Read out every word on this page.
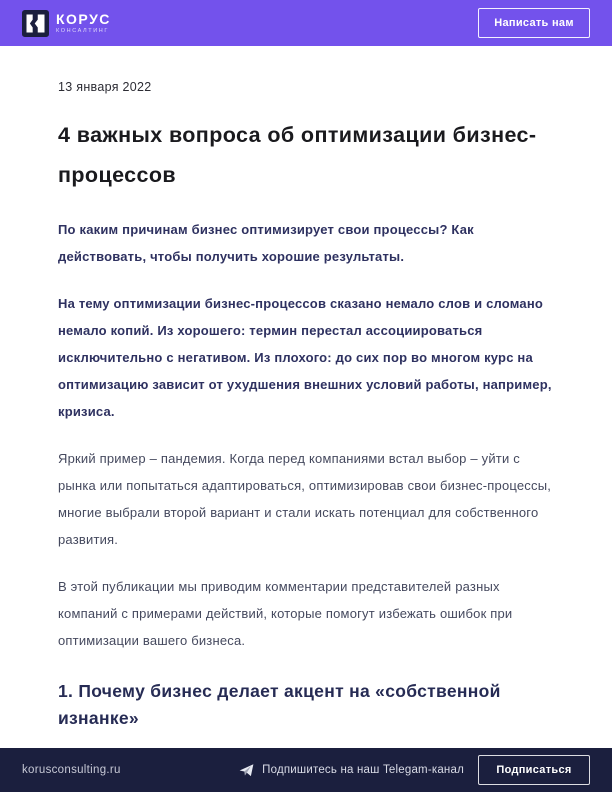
КОРУС
КОНСАЛТИНГ
Написать нам
13 января 2022
4 важных вопроса об оптимизации бизнес-процессов

По каким причинам бизнес оптимизирует свои процессы? Как действовать, чтобы получить хорошие результаты.

На тему оптимизации бизнес-процессов сказано немало слов и сломано немало копий. Из хорошего: термин перестал ассоциироваться исключительно с негативом. Из плохого: до сих пор во многом курс на оптимизацию зависит от ухудшения внешних условий работы, например, кризиса.

Яркий пример – пандемия. Когда перед компаниями встал выбор – уйти с рынка или попытаться адаптироваться, оптимизировав свои бизнес-процессы, многие выбрали второй вариант и стали искать потенциал для собственного развития.

В этой публикации мы приводим комментарии представителей разных компаний с примерами действий, которые помогут избежать ошибок при оптимизации вашего бизнеса.

1. Почему бизнес делает акцент на «собственной изнанке»
korusconsulting.ru	Подпишитесь на наш Telegam-канал	Подписаться
